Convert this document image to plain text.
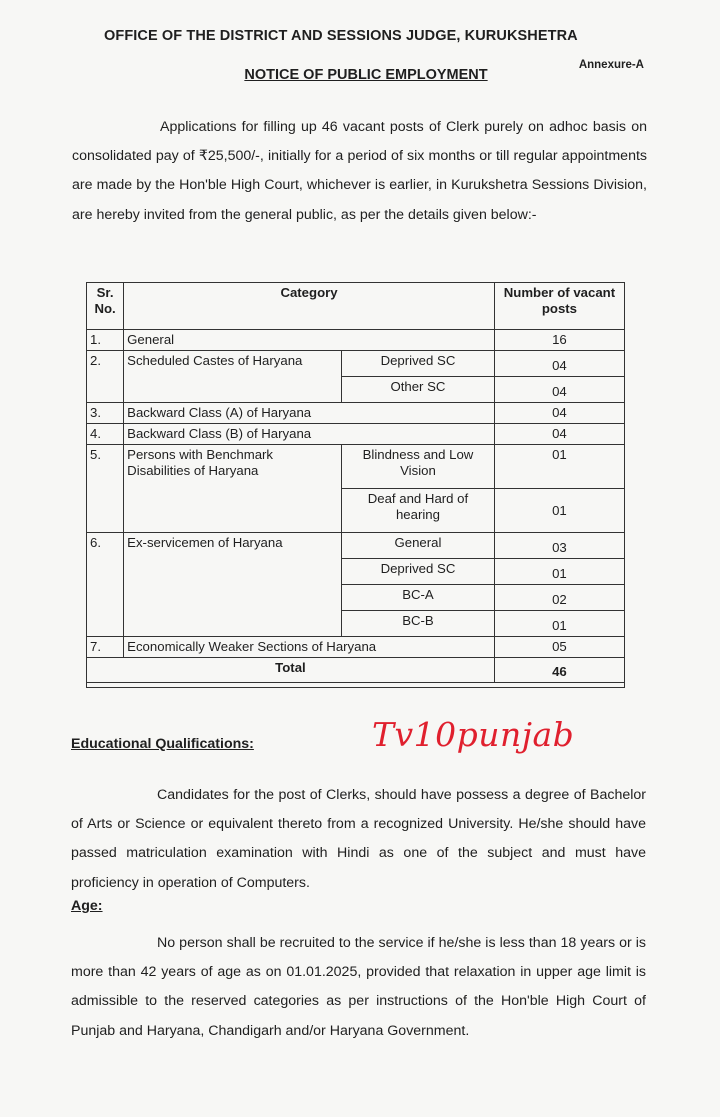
OFFICE OF THE DISTRICT AND SESSIONS JUDGE, KURUKSHETRA
Annexure-A
NOTICE OF PUBLIC EMPLOYMENT
Applications for filling up 46 vacant posts of Clerk purely on adhoc basis on consolidated pay of ₹25,500/-, initially for a period of six months or till regular appointments are made by the Hon'ble High Court, whichever is earlier, in Kurukshetra Sessions Division, are hereby invited from the general public, as per the details given below:-
Sr. No.	Category		Number of vacant posts
1.	General		16
2.	Scheduled Castes of Haryana	Deprived SC	04
		Other SC	04
3.	Backward Class (A) of Haryana		04
4.	Backward Class (B) of Haryana		04
5.	Persons with Benchmark Disabilities of Haryana	Blindness and Low Vision	01
		Deaf and Hard of hearing	01
6.	Ex-servicemen of Haryana	General	03
		Deprived SC	01
		BC-A	02
		BC-B	01
7.	Economically Weaker Sections of Haryana		05
Total			46

Educational Qualifications:	Tv10punjab
Candidates for the post of Clerks, should have possess a degree of Bachelor of Arts or Science or equivalent thereto from a recognized University. He/she should have passed matriculation examination with Hindi as one of the subject and must have proficiency in operation of Computers.
Age:
No person shall be recruited to the service if he/she is less than 18 years or is more than 42 years of age as on 01.01.2025, provided that relaxation in upper age limit is admissible to the reserved categories as per instructions of the Hon'ble High Court of Punjab and Haryana, Chandigarh and/or Haryana Government.
